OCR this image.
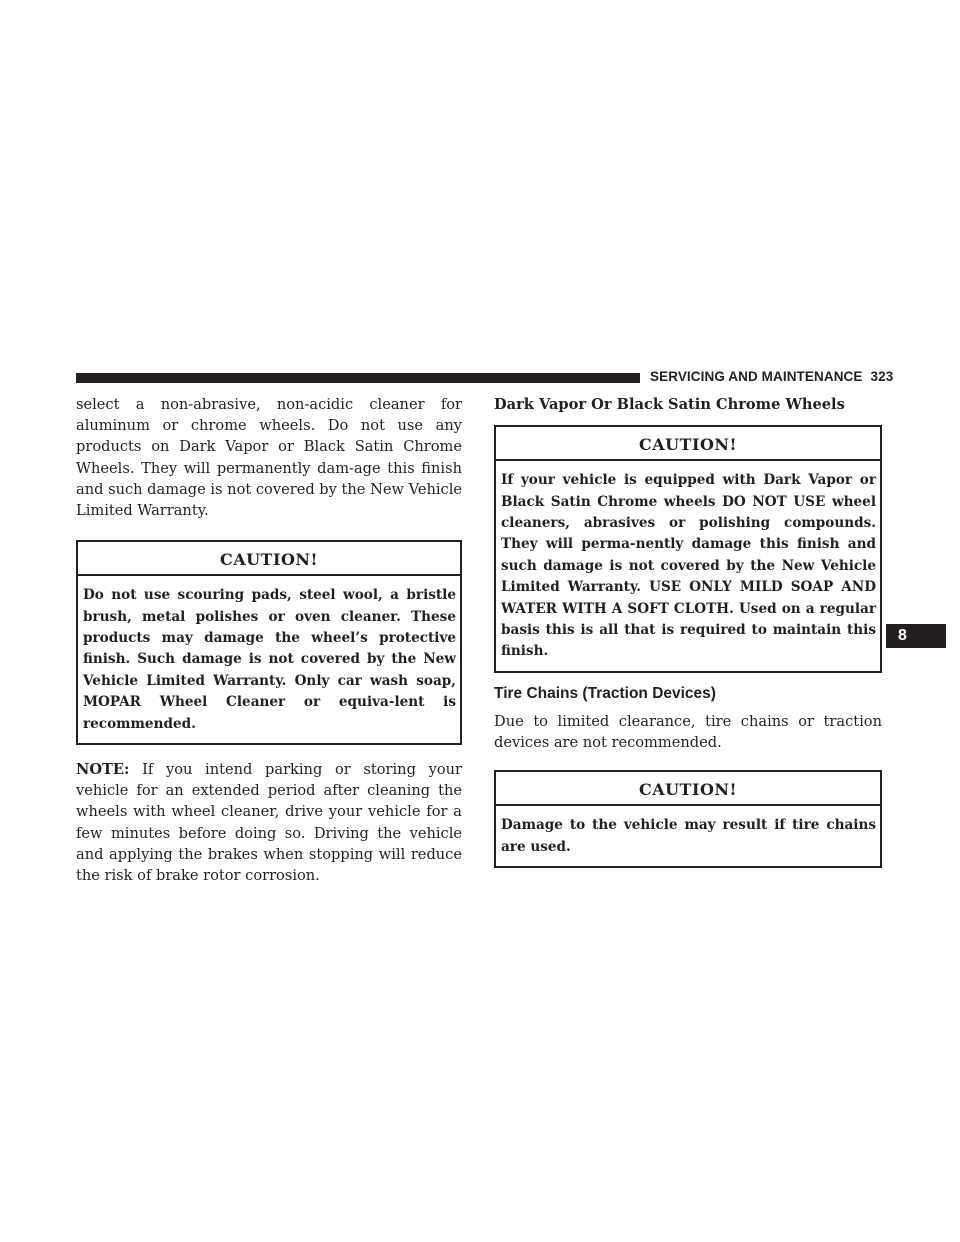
SERVICING AND MAINTENANCE 323

select a non-abrasive, non-acidic cleaner for aluminum or chrome wheels. Do not use any products on Dark Vapor or Black Satin Chrome Wheels. They will permanently dam-age this finish and such damage is not covered by the New Vehicle Limited Warranty.

CAUTION!
Do not use scouring pads, steel wool, a bristle brush, metal polishes or oven cleaner. These products may damage the wheel’s protective finish. Such damage is not covered by the New Vehicle Limited Warranty. Only car wash soap, MOPAR Wheel Cleaner or equiva-lent is recommended.

NOTE: If you intend parking or storing your vehicle for an extended period after cleaning the wheels with wheel cleaner, drive your vehicle for a few minutes before doing so. Driving the vehicle and applying the brakes when stopping will reduce the risk of brake rotor corrosion.

Dark Vapor Or Black Satin Chrome Wheels

CAUTION!
If your vehicle is equipped with Dark Vapor or Black Satin Chrome wheels DO NOT USE wheel cleaners, abrasives or polishing compounds. They will perma-nently damage this finish and such damage is not covered by the New Vehicle Limited Warranty. USE ONLY MILD SOAP AND WATER WITH A SOFT CLOTH. Used on a regular basis this is all that is required to maintain this finish.

Tire Chains (Traction Devices)

Due to limited clearance, tire chains or traction devices are not recommended.

CAUTION!
Damage to the vehicle may result if tire chains are used.
8
